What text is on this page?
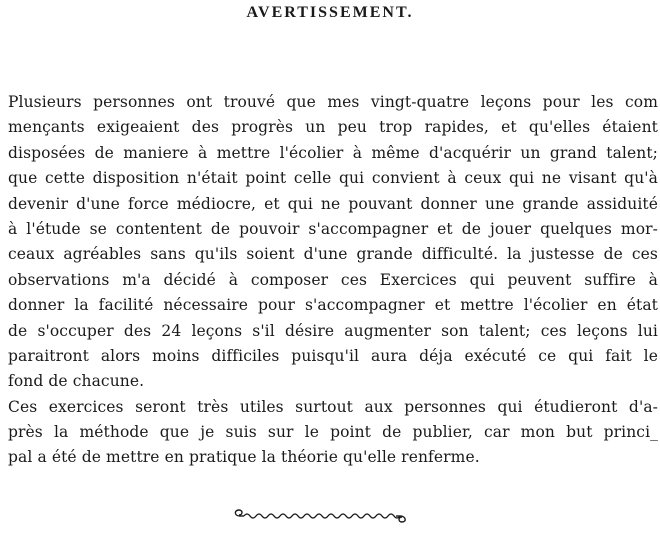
AVERTISSEMENT.
Plusieurs personnes ont trouvé que mes vingt-quatre leçons pour les com
mençants exigeaient des progrès un peu trop rapides, et qu'elles étaient
disposées de maniere à mettre l'écolier à même d'acquérir un grand talent;
que cette disposition n'était point celle qui convient à ceux qui ne visant qu'à
devenir d'une force médiocre, et qui ne pouvant donner une grande assiduité
à l'étude se contentent de pouvoir s'accompagner et de jouer quelques mor-
ceaux agréables sans qu'ils soient d'une grande difficulté. la justesse de ces
observations m'a décidé à composer ces Exercices qui peuvent suffire à
donner la facilité nécessaire pour s'accompagner et mettre l'écolier en état
de s'occuper des 24 leçons s'il désire augmenter son talent; ces leçons lui
paraitront alors moins difficiles puisqu'il aura déja exécuté ce qui fait le
fond de chacune.
Ces exercices seront très utiles surtout aux personnes qui étudieront d'a-
près la méthode que je suis sur le point de publier, car mon but princi_
pal a été de mettre en pratique la théorie qu'elle renferme.
